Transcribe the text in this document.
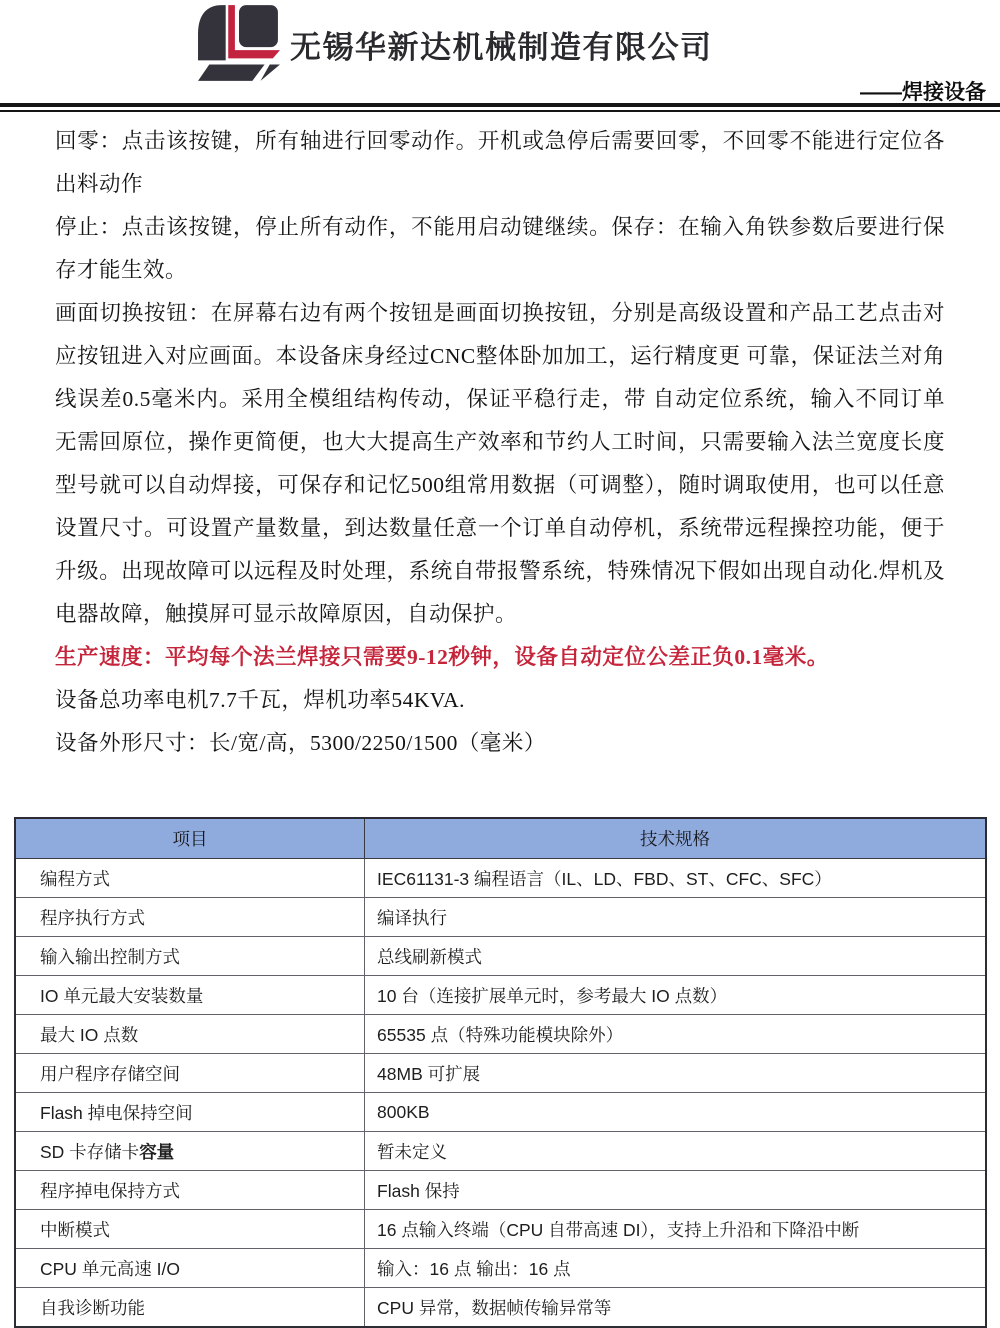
无锡华新达机械制造有限公司
——焊接设备

回零：点击该按键，所有轴进行回零动作。开机或急停后需要回零，不回零不能进行定位各出料动作

停止：点击该按键，停止所有动作，不能用启动键继续。保存：在输入角铁参数后要进行保存才能生效。

画面切换按钮：在屏幕右边有两个按钮是画面切换按钮，分别是高级设置和产品工艺点击对应按钮进入对应画面。本设备床身经过CNC整体卧加加工，运行精度更 可靠，保证法兰对角线误差0.5毫米内。采用全模组结构传动，保证平稳行走，带 自动定位系统，输入不同订单无需回原位，操作更简便，也大大提高生产效率和节约人工时间，只需要输入法兰宽度长度型号就可以自动焊接，可保存和记忆500组常用数据（可调整），随时调取使用，也可以任意设置尺寸。可设置产量数量，到达数量任意一个订单自动停机，系统带远程操控功能，便于升级。出现故障可以远程及时处理，系统自带报警系统，特殊情况下假如出现自动化.焊机及电器故障，触摸屏可显示故障原因，自动保护。

生产速度：平均每个法兰焊接只需要9-12秒钟，设备自动定位公差正负0.1毫米。

设备总功率电机7.7千瓦，焊机功率54KVA.

设备外形尺寸：长/宽/高，5300/2250/1500（毫米）

项目	技术规格
编程方式	IEC61131-3 编程语言（IL、LD、FBD、ST、CFC、SFC）
程序执行方式	编译执行
输入输出控制方式	总线刷新模式
IO 单元最大安装数量	10 台（连接扩展单元时，参考最大 IO 点数）
最大 IO 点数	65535 点（特殊功能模块除外）
用户程序存储空间	48MB 可扩展
Flash 掉电保持空间	800KB
SD 卡存储卡容量	暂未定义
程序掉电保持方式	Flash 保持
中断模式	16 点输入终端（CPU 自带高速 DI），支持上升沿和下降沿中断
CPU 单元高速 I/O	输入：16 点 输出：16 点
自我诊断功能	CPU 异常，数据帧传输异常等
